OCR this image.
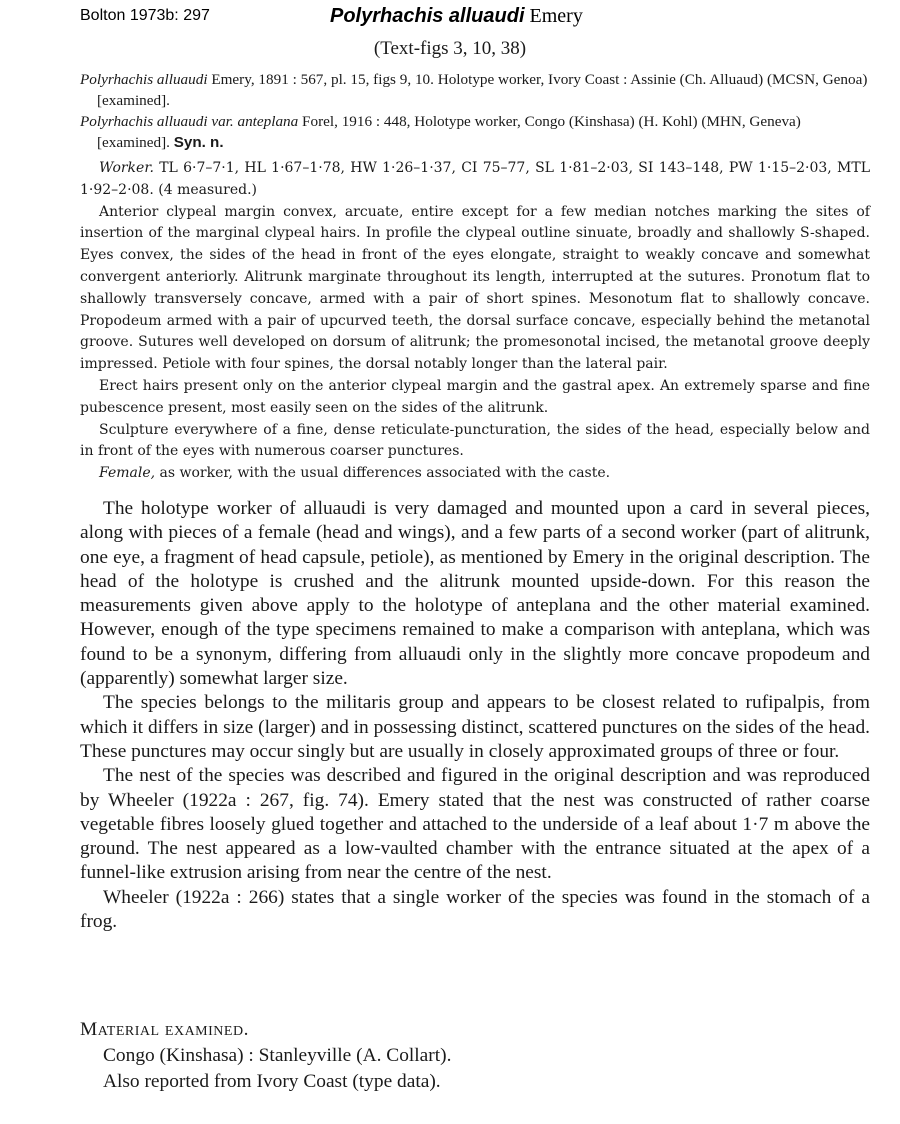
Bolton 1973b: 297	Polyrhachis alluaudi Emery
(Text-figs 3, 10, 38)

Polyrhachis alluaudi Emery, 1891 : 567, pl. 15, figs 9, 10. Holotype worker, Ivory Coast : Assinie (Ch. Alluaud) (MCSN, Genoa) [examined].

Polyrhachis alluaudi var. anteplana Forel, 1916 : 448, Holotype worker, Congo (Kinshasa) (H. Kohl) (MHN, Geneva) [examined]. Syn. n.

Worker. TL 6·7–7·1, HL 1·67–1·78, HW 1·26–1·37, CI 75–77, SL 1·81–2·03, SI 143–148, PW 1·15–2·03, MTL 1·92–2·08. (4 measured.)

Anterior clypeal margin convex, arcuate, entire except for a few median notches marking the sites of insertion of the marginal clypeal hairs. In profile the clypeal outline sinuate, broadly and shallowly S-shaped. Eyes convex, the sides of the head in front of the eyes elongate, straight to weakly concave and somewhat convergent anteriorly. Alitrunk marginate throughout its length, interrupted at the sutures. Pronotum flat to shallowly transversely concave, armed with a pair of short spines. Mesonotum flat to shallowly concave. Propodeum armed with a pair of upcurved teeth, the dorsal surface concave, especially behind the metanotal groove. Sutures well developed on dorsum of alitrunk; the promesonotal incised, the metanotal groove deeply impressed. Petiole with four spines, the dorsal notably longer than the lateral pair.

Erect hairs present only on the anterior clypeal margin and the gastral apex. An extremely sparse and fine pubescence present, most easily seen on the sides of the alitrunk.

Sculpture everywhere of a fine, dense reticulate-puncturation, the sides of the head, especially below and in front of the eyes with numerous coarser punctures.

Female, as worker, with the usual differences associated with the caste.

The holotype worker of alluaudi is very damaged and mounted upon a card in several pieces, along with pieces of a female (head and wings), and a few parts of a second worker (part of alitrunk, one eye, a fragment of head capsule, petiole), as mentioned by Emery in the original description. The head of the holotype is crushed and the alitrunk mounted upside-down. For this reason the measurements given above apply to the holotype of anteplana and the other material examined. However, enough of the type specimens remained to make a comparison with anteplana, which was found to be a synonym, differing from alluaudi only in the slightly more concave propodeum and (apparently) somewhat larger size.

The species belongs to the militaris group and appears to be closest related to rufipalpis, from which it differs in size (larger) and in possessing distinct, scattered punctures on the sides of the head. These punctures may occur singly but are usually in closely approximated groups of three or four.

The nest of the species was described and figured in the original description and was reproduced by Wheeler (1922a : 267, fig. 74). Emery stated that the nest was constructed of rather coarse vegetable fibres loosely glued together and attached to the underside of a leaf about 1·7 m above the ground. The nest appeared as a low-vaulted chamber with the entrance situated at the apex of a funnel-like extrusion arising from near the centre of the nest.

Wheeler (1922a : 266) states that a single worker of the species was found in the stomach of a frog.

Material examined.
Congo (Kinshasa) : Stanleyville (A. Collart).
Also reported from Ivory Coast (type data).
